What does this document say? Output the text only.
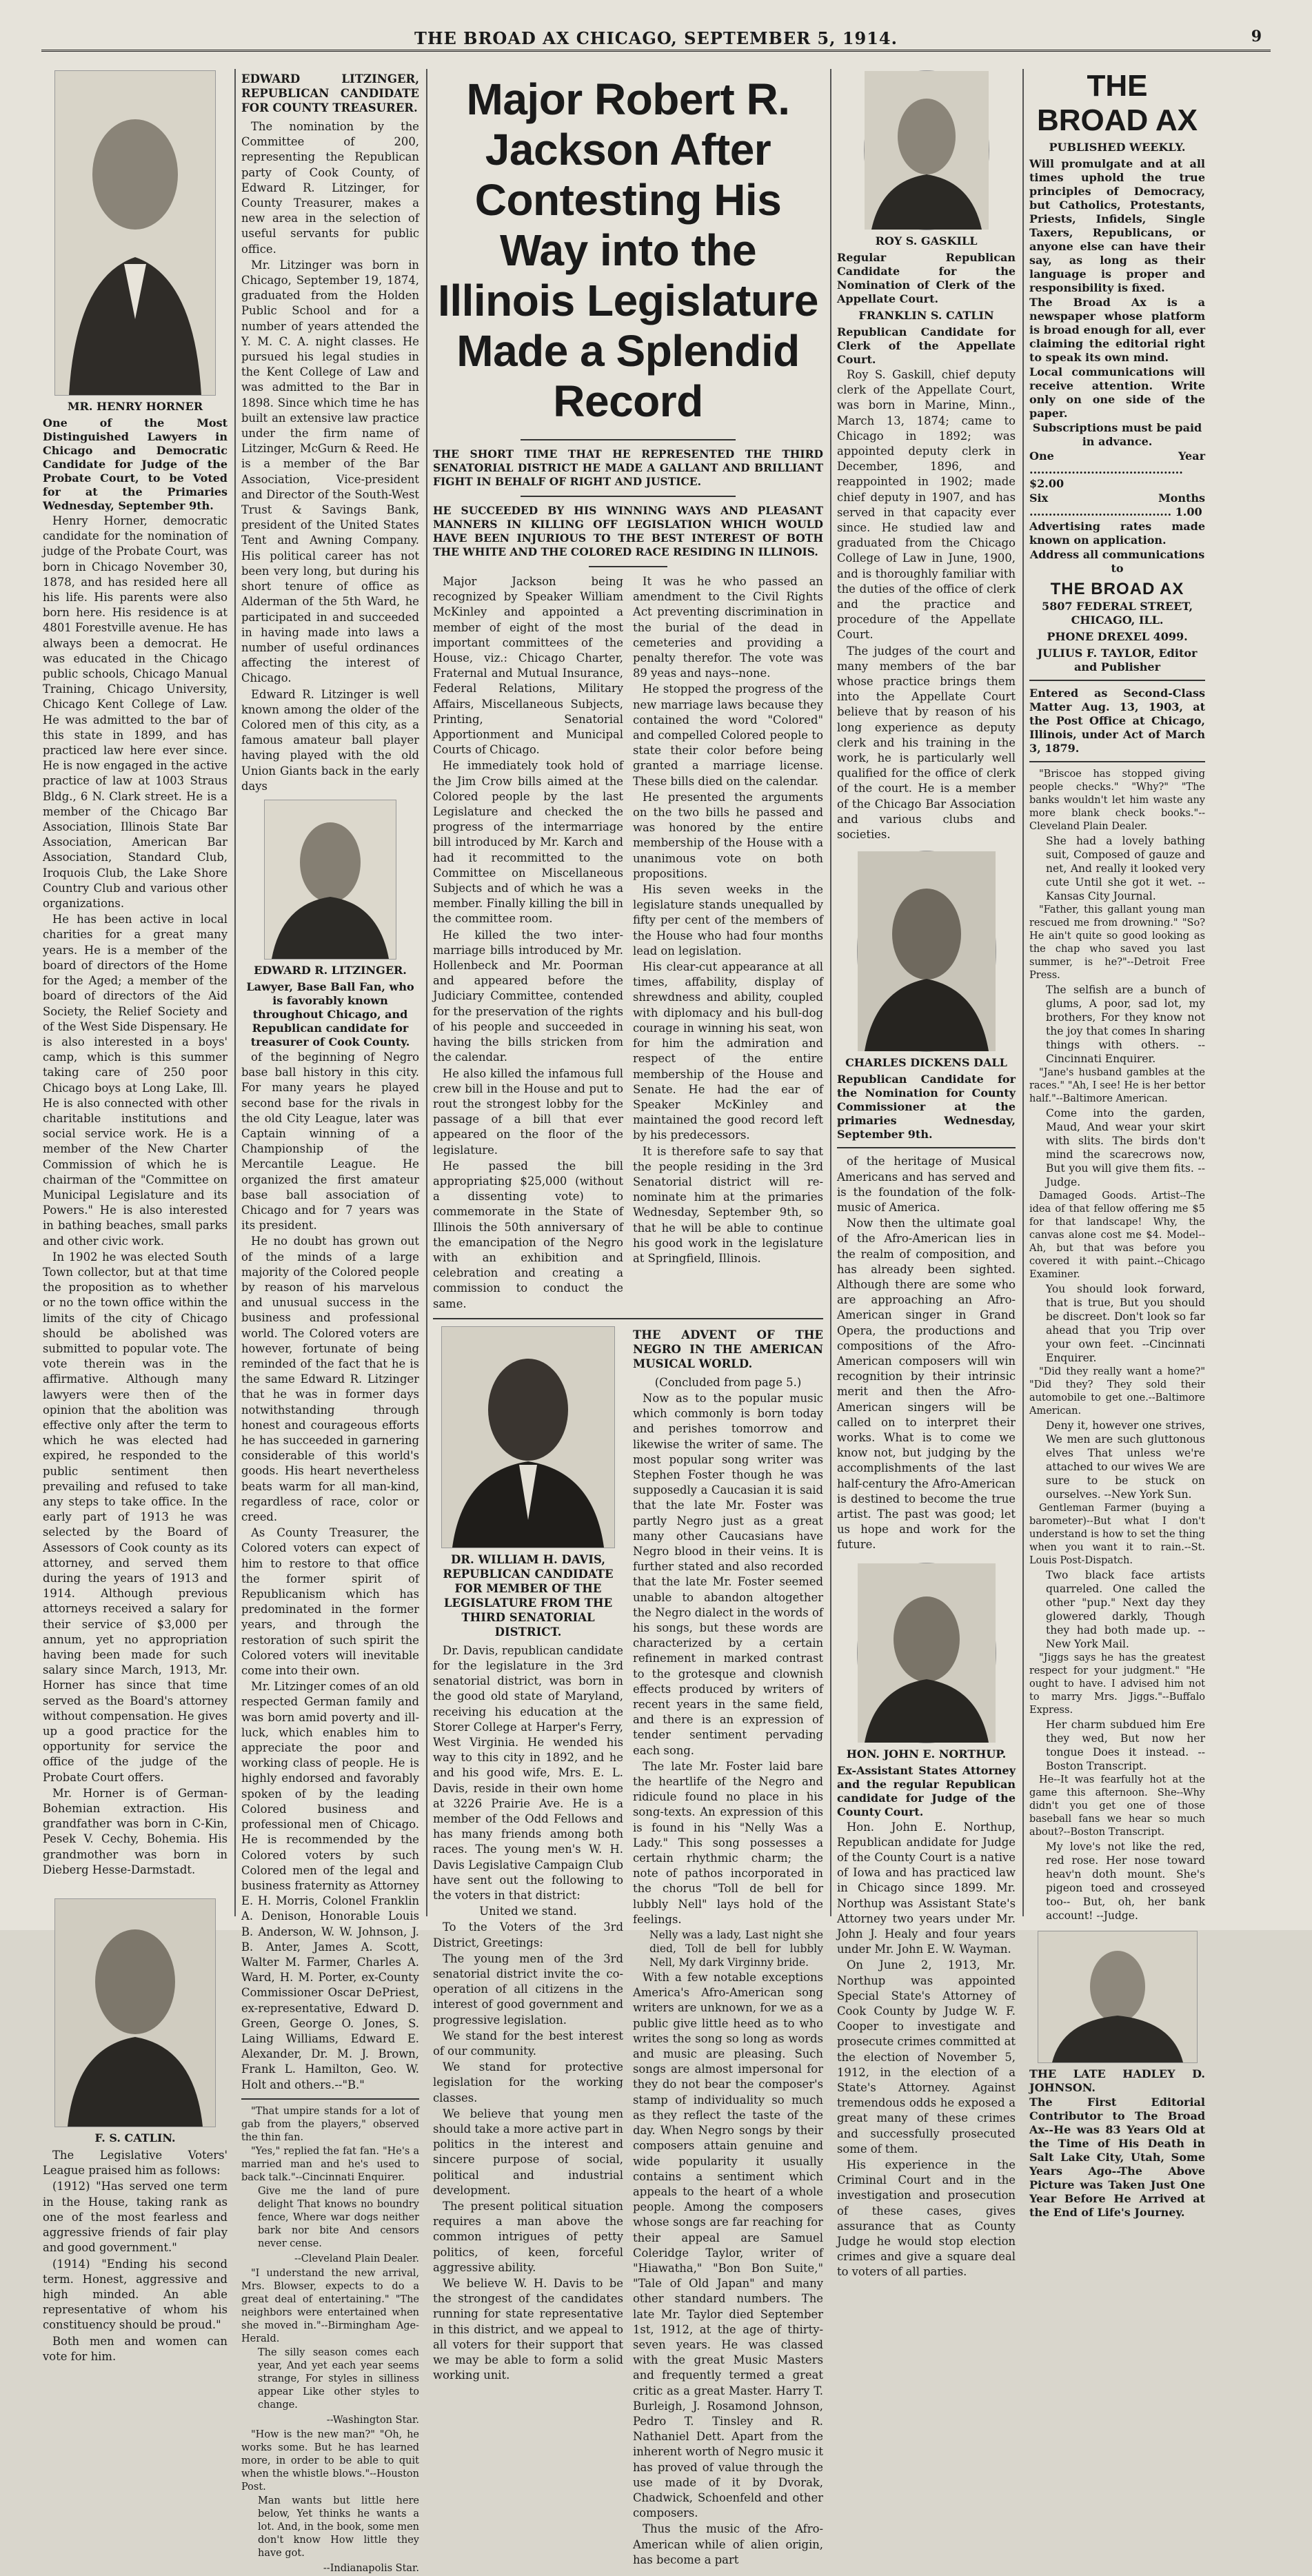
THE BROAD AX CHICAGO, SEPTEMBER 5, 1914.	9

MR. HENRY HORNER

One of the Most Distinguished Lawyers in Chicago and Democratic Candidate for Judge of the Probate Court, to be Voted for at the Primaries Wednesday, September 9th.

Henry Horner, democratic candidate for the nomination of judge of the Probate Court, was born in Chicago November 30, 1878, and has resided here all his life. His parents were also born here. His residence is at 4801 Forestville avenue. He has always been a democrat. He was educated in the Chicago public schools, Chicago Manual Training, Chicago University, Chicago Kent College of Law. He was admitted to the bar of this state in 1899, and has practiced law here ever since. He is now engaged in the active practice of law at 1003 Straus Bldg., 6 N. Clark street. He is a member of the Chicago Bar Association, Illinois State Bar Association, American Bar Association, Standard Club, Iroquois Club, the Lake Shore Country Club and various other organizations.

He has been active in local charities for a great many years. He is a member of the board of directors of the Home for the Aged; a member of the board of directors of the Aid Society, the Relief Society and of the West Side Dispensary. He is also interested in a boys' camp, which is this summer taking care of 250 poor Chicago boys at Long Lake, Ill. He is also connected with other charitable institutions and social service work. He is a member of the New Charter Commission of which he is chairman of the "Committee on Municipal Legislature and its Powers." He is also interested in bathing beaches, small parks and other civic work.

In 1902 he was elected South Town collector, but at that time the proposition as to whether or no the town office within the limits of the city of Chicago should be abolished was submitted to popular vote. The vote therein was in the affirmative. Although many lawyers were then of the opinion that the abolition was effective only after the term to which he was elected had expired, he responded to the public sentiment then prevailing and refused to take any steps to take office. In the early part of 1913 he was selected by the Board of Assessors of Cook county as its attorney, and served them during the years of 1913 and 1914. Although previous attorneys received a salary for their service of $3,000 per annum, yet no appropriation having been made for such salary since March, 1913, Mr. Horner has since that time served as the Board's attorney without compensation. He gives up a good practice for the opportunity for service the office of the judge of the Probate Court offers.

Mr. Horner is of German-Bohemian extraction. His grandfather was born in C-Kin, Pesek V. Cechy, Bohemia. His grandmother was born in Dieberg Hesse-Darmstadt.

F. S. CATLIN.

The Legislative Voters' League praised him as follows:

(1912) "Has served one term in the House, taking rank as one of the most fearless and aggressive friends of fair play and good government."

(1914) "Ending his second term. Honest, aggressive and high minded. An able representative of whom his constituency should be proud."

Both men and women can vote for him.

EDWARD LITZINGER, REPUBLICAN CANDIDATE FOR COUNTY TREASURER.

The nomination by the Committee of 200, representing the Republican party of Cook County, of Edward R. Litzinger, for County Treasurer, makes a new area in the selection of useful servants for public office.

Mr. Litzinger was born in Chicago, September 19, 1874, graduated from the Holden Public School and for a number of years attended the Y. M. C. A. night classes. He pursued his legal studies in the Kent College of Law and was admitted to the Bar in 1898. Since which time he has built an extensive law practice under the firm name of Litzinger, McGurn & Reed. He is a member of the Bar Association, Vice-president and Director of the South-West Trust & Savings Bank, president of the United States Tent and Awning Company. His political career has not been very long, but during his short tenure of office as Alderman of the 5th Ward, he participated in and succeeded in having made into laws a number of useful ordinances affecting the interest of Chicago.

Edward R. Litzinger is well known among the older of the Colored men of this city, as a famous amateur ball player having played with the old Union Giants back in the early days

EDWARD R. LITZINGER.

Lawyer, Base Ball Fan, who is favorably known throughout Chicago, and Republican candidate for treasurer of Cook County.

of the beginning of Negro base ball history in this city. For many years he played second base for the rivals in the old City League, later was Captain winning of a Championship of the Mercantile League. He organized the first amateur base ball association of Chicago and for 7 years was its president.

He no doubt has grown out of the minds of a large majority of the Colored people by reason of his marvelous and unusual success in the business and professional world. The Colored voters are however, fortunate of being reminded of the fact that he is the same Edward R. Litzinger that he was in former days notwithstanding through honest and courageous efforts he has succeeded in garnering considerable of this world's goods. His heart nevertheless beats warm for all man-kind, regardless of race, color or creed.

As County Treasurer, the Colored voters can expect of him to restore to that office the former spirit of Republicanism which has predominated in the former years, and through the restoration of such spirit the Colored voters will inevitable come into their own.

Mr. Litzinger comes of an old respected German family and was born amid poverty and ill-luck, which enables him to appreciate the poor and working class of people. He is highly endorsed and favorably spoken of by the leading Colored business and professional men of Chicago. He is recommended by the Colored voters by such Colored men of the legal and business fraternity as Attorney E. H. Morris, Colonel Franklin A. Denison, Honorable Louis B. Anderson, W. W. Johnson, J. B. Anter, James A. Scott, Walter M. Farmer, Charles A. Ward, H. M. Porter, ex-County Commissioner Oscar DePriest, ex-representative, Edward D. Green, George O. Jones, S. Laing Williams, Edward E. Alexander, Dr. M. J. Brown, Frank L. Hamilton, Geo. W. Holt and others.--"B."

"That umpire stands for a lot of gab from the players," observed the thin fan.

"Yes," replied the fat fan. "He's a married man and he's used to back talk."--Cincinnati Enquirer.

Give me the land of pure delight That knows no boundry fence, Where war dogs neither bark nor bite And censors never cense.

--Cleveland Plain Dealer.

"I understand the new arrival, Mrs. Blowser, expects to do a great deal of entertaining." "The neighbors were entertained when she moved in."--Birmingham Age-Herald.

The silly season comes each year, And yet each year seems strange, For styles in silliness appear Like other styles to change.

--Washington Star.

"How is the new man?" "Oh, he works some. But he has learned more, in order to be able to quit when the whistle blows."--Houston Post.

Man wants but little here below, Yet thinks he wants a lot. And, in the book, some men don't know How little they have got.

--Indianapolis Star.

Major Robert R. Jackson After Contesting His Way into the Illinois Legislature Made a Splendid Record

THE SHORT TIME THAT HE REPRESENTED THE THIRD SENATORIAL DISTRICT HE MADE A GALLANT AND BRILLIANT FIGHT IN BEHALF OF RIGHT AND JUSTICE.

HE SUCCEEDED BY HIS WINNING WAYS AND PLEASANT MANNERS IN KILLING OFF LEGISLATION WHICH WOULD HAVE BEEN INJURIOUS TO THE BEST INTEREST OF BOTH THE WHITE AND THE COLORED RACE RESIDING IN ILLINOIS.

Major Jackson being recognized by Speaker William McKinley and appointed a member of eight of the most important committees of the House, viz.: Chicago Charter, Fraternal and Mutual Insurance, Federal Relations, Military Affairs, Miscellaneous Subjects, Printing, Senatorial Apportionment and Municipal Courts of Chicago.

He immediately took hold of the Jim Crow bills aimed at the Colored people by the last Legislature and checked the progress of the intermarriage bill introduced by Mr. Karch and had it recommitted to the Committee on Miscellaneous Subjects and of which he was a member. Finally killing the bill in the committee room.

He killed the two inter-marriage bills introduced by Mr. Hollenbeck and Mr. Poorman and appeared before the Judiciary Committee, contended for the preservation of the rights of his people and succeeded in having the bills stricken from the calendar.

He also killed the infamous full crew bill in the House and put to rout the strongest lobby for the passage of a bill that ever appeared on the floor of the legislature.

He passed the bill appropriating $25,000 (without a dissenting vote) to commemorate in the State of Illinois the 50th anniversary of the emancipation of the Negro with an exhibition and celebration and creating a commission to conduct the same.

It was he who passed an amendment to the Civil Rights Act preventing discrimination in the burial of the dead in cemeteries and providing a penalty therefor. The vote was 89 yeas and nays--none.

He stopped the progress of the new marriage laws because they contained the word "Colored" and compelled Colored people to state their color before being granted a marriage license. These bills died on the calendar.

He presented the arguments on the two bills he passed and was honored by the entire membership of the House with a unanimous vote on both propositions.

His seven weeks in the legislature stands unequalled by fifty per cent of the members of the House who had four months lead on legislation.

His clear-cut appearance at all times, affability, display of shrewdness and ability, coupled with diplomacy and his bull-dog courage in winning his seat, won for him the admiration and respect of the entire membership of the House and Senate. He had the ear of Speaker McKinley and maintained the good record left by his predecessors.

It is therefore safe to say that the people residing in the 3rd Senatorial district will re-nominate him at the primaries Wednesday, September 9th, so that he will be able to continue his good work in the legislature at Springfield, Illinois.

DR. WILLIAM H. DAVIS, REPUBLICAN CANDIDATE FOR MEMBER OF THE LEGISLATURE FROM THE THIRD SENATORIAL DISTRICT.

Dr. Davis, republican candidate for the legislature in the 3rd senatorial district, was born in the good old state of Maryland, receiving his education at the Storer College at Harper's Ferry, West Virginia. He wended his way to this city in 1892, and he and his good wife, Mrs. E. L. Davis, reside in their own home at 3226 Prairie Ave. He is a member of the Odd Fellows and has many friends among both races. The young men's W. H. Davis Legislative Campaign Club have sent out the following to the voters in that district:

United we stand.

To the Voters of the 3rd District, Greetings:

The young men of the 3rd senatorial district invite the co-operation of all citizens in the interest of good government and progressive legislation.

We stand for the best interest of our community.

We stand for protective legislation for the working classes.

We believe that young men should take a more active part in politics in the interest and sincere purpose of social, political and industrial development.

The present political situation requires a man above the common intrigues of petty politics, of keen, forceful aggressive ability.

We believe W. H. Davis to be the strongest of the candidates running for state representative in this district, and we appeal to all voters for their support that we may be able to form a solid working unit.

THE ADVENT OF THE NEGRO IN THE AMERICAN MUSICAL WORLD.

(Concluded from page 5.)

Now as to the popular music which commonly is born today and perishes tomorrow and likewise the writer of same. The most popular song writer was Stephen Foster though he was supposedly a Caucasian it is said that the late Mr. Foster was partly Negro just as a great many other Caucasians have Negro blood in their veins. It is further stated and also recorded that the late Mr. Foster seemed unable to abandon altogether the Negro dialect in the words of his songs, but these words are characterized by a certain refinement in marked contrast to the grotesque and clownish effects produced by writers of recent years in the same field, and there is an expression of tender sentiment pervading each song.

The late Mr. Foster laid bare the heartlife of the Negro and ridicule found no place in his song-texts. An expression of this is found in his "Nelly Was a Lady." This song possesses a certain rhythmic charm; the note of pathos incorporated in the chorus "Toll de bell for lubbly Nell" lays hold of the feelings.

Nelly was a lady, Last night she died, Toll de bell for lubbly Nell, My dark Virginny bride.

With a few notable exceptions America's Afro-American song writers are unknown, for we as a public give little heed as to who writes the song so long as words and music are pleasing. Such songs are almost impersonal for they do not bear the composer's stamp of individuality so much as they reflect the taste of the day. When Negro songs by their composers attain genuine and wide popularity it usually contains a sentiment which appeals to the heart of a whole people. Among the composers whose songs are far reaching for their appeal are Samuel Coleridge Taylor, writer of "Hiawatha," "Bon Bon Suite," "Tale of Old Japan" and many other standard numbers. The late Mr. Taylor died September 1st, 1912, at the age of thirty-seven years. He was classed with the great Music Masters and frequently termed a great critic as a great Master. Harry T. Burleigh, J. Rosamond Johnson, Pedro T. Tinsley and R. Nathaniel Dett. Apart from the inherent worth of Negro music it has proved of value through the use made of it by Dvorak, Chadwick, Schoenfeld and other composers.

Thus the music of the Afro-American while of alien origin, has become a part

ROY S. GASKILL

Regular Republican Candidate for the Nomination of Clerk of the Appellate Court.

FRANKLIN S. CATLIN

Republican Candidate for Clerk of the Appellate Court.

Roy S. Gaskill, chief deputy clerk of the Appellate Court, was born in Marine, Minn., March 13, 1874; came to Chicago in 1892; was appointed deputy clerk in December, 1896, and reappointed in 1902; made chief deputy in 1907, and has served in that capacity ever since. He studied law and graduated from the Chicago College of Law in June, 1900, and is thoroughly familiar with the duties of the office of clerk and the practice and procedure of the Appellate Court.

The judges of the court and many members of the bar whose practice brings them into the Appellate Court believe that by reason of his long experience as deputy clerk and his training in the work, he is particularly well qualified for the office of clerk of the court. He is a member of the Chicago Bar Association and various clubs and societies.

CHARLES DICKENS DALL

Republican Candidate for the Nomination for County Commissioner at the primaries Wednesday, September 9th.

of the heritage of Musical Americans and has served and is the foundation of the folk-music of America.

Now then the ultimate goal of the Afro-American lies in the realm of composition, and has already been sighted. Although there are some who are approaching an Afro-American singer in Grand Opera, the productions and compositions of the Afro-American composers will win recognition by their intrinsic merit and then the Afro-American singers will be called on to interpret their works. What is to come we know not, but judging by the accomplishments of the last half-century the Afro-American is destined to become the true artist. The past was good; let us hope and work for the future.

HON. JOHN E. NORTHUP.

Ex-Assistant States Attorney and the regular Republican candidate for Judge of the County Court.

Hon. John E. Northup, Republican andidate for Judge of the County Court is a native of Iowa and has practiced law in Chicago since 1899. Mr. Northup was Assistant State's Attorney two years under Mr. John J. Healy and four years under Mr. John E. W. Wayman.

On June 2, 1913, Mr. Northup was appointed Special State's Attorney of Cook County by Judge W. F. Cooper to investigate and prosecute crimes committed at the election of November 5, 1912, in the election of a State's Attorney. Against tremendous odds he exposed a great many of these crimes and successfully prosecuted some of them.

His experience in the Criminal Court and in the investigation and prosecution of these cases, gives assurance that as County Judge he would stop election crimes and give a square deal to voters of all parties.

THE BROAD AX

PUBLISHED WEEKLY.

Will promulgate and at all times uphold the true principles of Democracy, but Catholics, Protestants, Priests, Infidels, Single Taxers, Republicans, or anyone else can have their say, as long as their language is proper and responsibility is fixed.

The Broad Ax is a newspaper whose platform is broad enough for all, ever claiming the editorial right to speak its own mind.

Local communications will receive attention. Write only on one side of the paper.

Subscriptions must be paid in advance.

One Year ........................................ $2.00

Six Months ..................................... 1.00

Advertising rates made known on application.

Address all communications to

THE BROAD AX

5807 FEDERAL STREET, CHICAGO, ILL.

PHONE DREXEL 4099.

JULIUS F. TAYLOR, Editor and Publisher

Entered as Second-Class Matter Aug. 13, 1903, at the Post Office at Chicago, Illinois, under Act of March 3, 1879.

"Briscoe has stopped giving people checks." "Why?" "The banks wouldn't let him waste any more blank check books."--Cleveland Plain Dealer.

She had a lovely bathing suit, Composed of gauze and net, And really it looked very cute Until she got it wet. --Kansas City Journal.

"Father, this gallant young man rescued me from drowning." "So? He ain't quite so good looking as the chap who saved you last summer, is he?"--Detroit Free Press.

The selfish are a bunch of glums, A poor, sad lot, my brothers, For they know not the joy that comes In sharing things with others. --Cincinnati Enquirer.

"Jane's husband gambles at the races." "Ah, I see! He is her bettor half."--Baltimore American.

Come into the garden, Maud, And wear your skirt with slits. The birds don't mind the scarecrows now, But you will give them fits. --Judge.

Damaged Goods. Artist--The idea of that fellow offering me $5 for that landscape! Why, the canvas alone cost me $4. Model--Ah, but that was before you covered it with paint.--Chicago Examiner.

You should look forward, that is true, But you should be discreet. Don't look so far ahead that you Trip over your own feet. --Cincinnati Enquirer.

"Did they really want a home?" "Did they? They sold their automobile to get one.--Baltimore American.

Deny it, however one strives, We men are such gluttonous elves That unless we're attached to our wives We are sure to be stuck on ourselves. --New York Sun.

Gentleman Farmer (buying a barometer)--But what I don't understand is how to set the thing when you want it to rain.--St. Louis Post-Dispatch.

Two black face artists quarreled. One called the other "pup." Next day they glowered darkly, Though they had both made up. --New York Mail.

"Jiggs says he has the greatest respect for your judgment." "He ought to have. I advised him not to marry Mrs. Jiggs."--Buffalo Express.

Her charm subdued him Ere they wed, But now her tongue Does it instead. --Boston Transcript.

He--It was fearfully hot at the game this afternoon. She--Why didn't you get one of those baseball fans we hear so much about?--Boston Transcript.

My love's not like the red, red rose. Her nose toward heav'n doth mount. She's pigeon toed and crosseyed too-- But, oh, her bank account! --Judge.

THE LATE HADLEY D. JOHNSON.

The First Editorial Contributor to The Broad Ax--He was 83 Years Old at the Time of His Death in Salt Lake City, Utah, Some Years Ago--The Above Picture was Taken Just One Year Before He Arrived at the End of Life's Journey.
